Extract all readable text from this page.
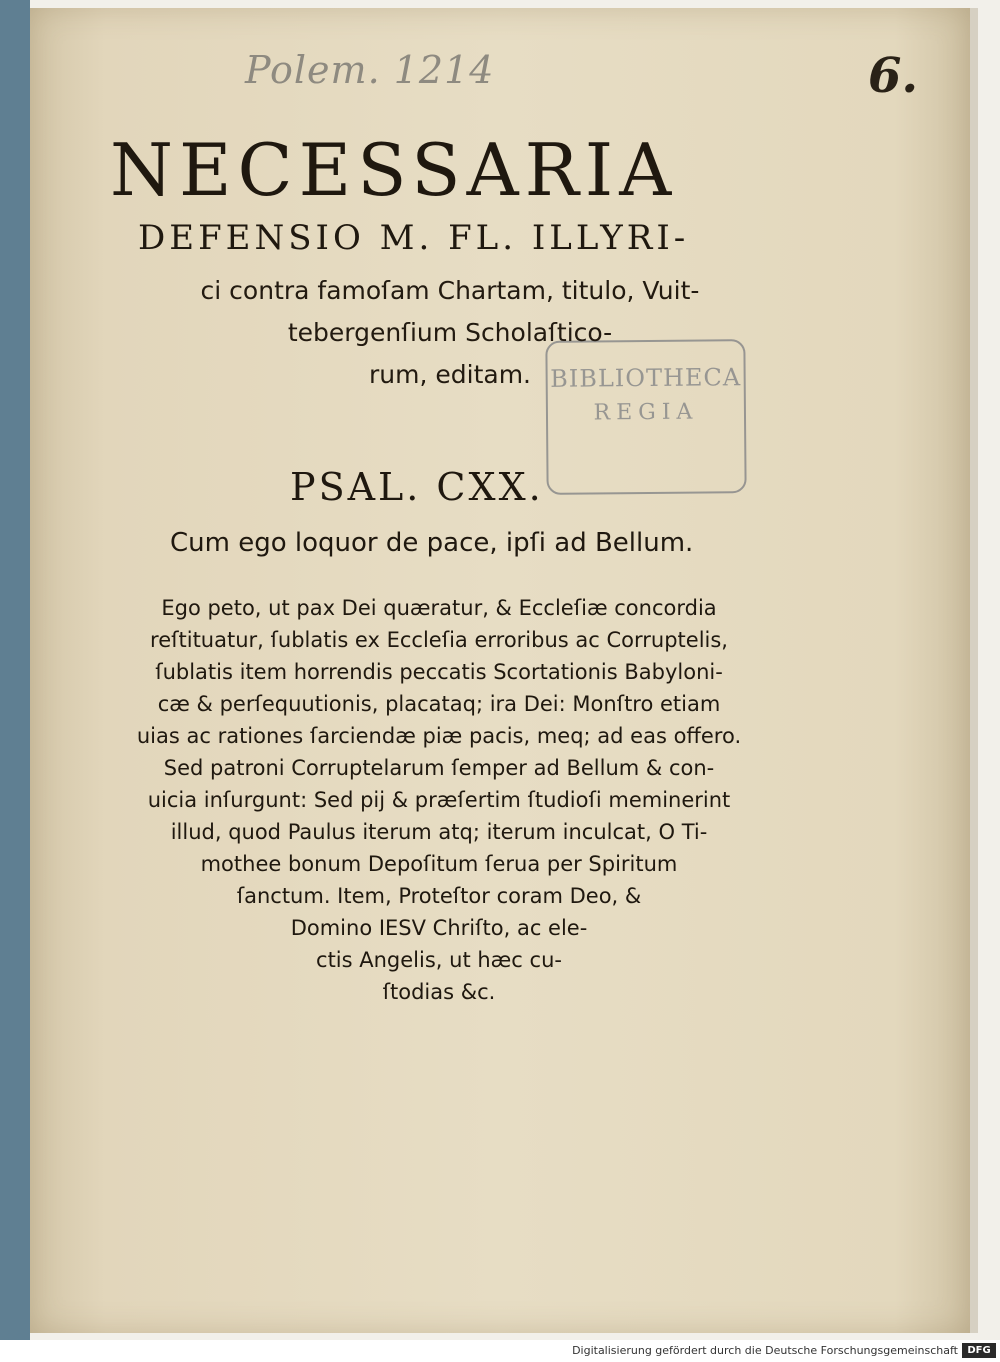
Polem. 1214	6.
BIBLIOTHECA
REGIA
NECESSARIA
DEFENSIO M. FL. ILLYRI-
ci contra famoſam Chartam, titulo, Vuit-
tebergenſium Scholaſtico-
rum, editam.
PSAL. CXX.
Cum ego loquor de pace, ipſi ad Bellum.
Ego peto, ut pax Dei quæratur, & Eccleſiæ concordia
reſtituatur, ſublatis ex Eccleſia erroribus ac Corruptelis,
ſublatis item horrendis peccatis Scortationis Babyloni-
cæ & perſequutionis, placataq; ira Dei: Monſtro etiam
uias ac rationes ſarciendæ piæ pacis, meq; ad eas offero.
Sed patroni Corruptelarum ſemper ad Bellum & con-
uicia inſurgunt: Sed pij & præſertim ſtudioſi meminerint
illud, quod Paulus iterum atq; iterum inculcat, O Ti-
mothee bonum Depoſitum ſerua per Spiritum
ſanctum. Item, Proteſtor coram Deo, &
Domino IESV Chriſto, ac ele-
ctis Angelis, ut hæc cu-
ſtodias &c.
Digitalisierung gefördert durch die Deutsche Forschungsgemeinschaft DFG
